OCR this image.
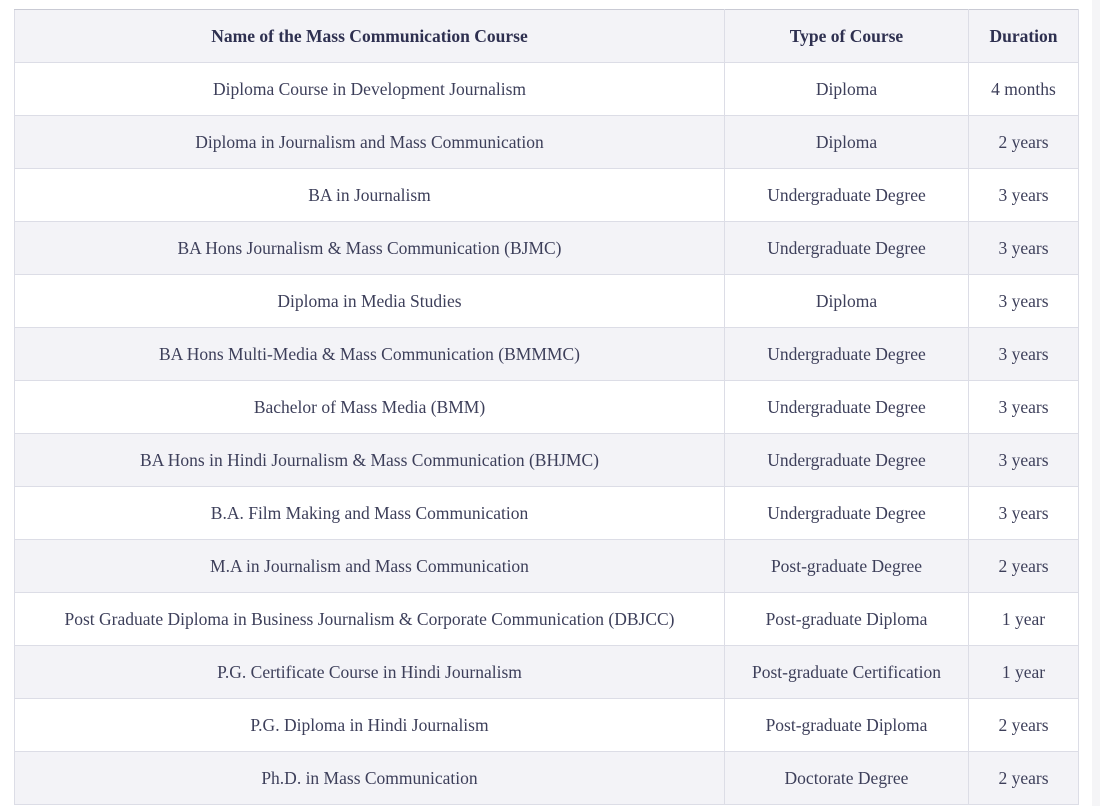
Name of the Mass Communication Course	Type of Course	Duration
Diploma Course in Development Journalism	Diploma	4 months
Diploma in Journalism and Mass Communication	Diploma	2 years
BA in Journalism	Undergraduate Degree	3 years
BA Hons Journalism & Mass Communication (BJMC)	Undergraduate Degree	3 years
Diploma in Media Studies	Diploma	3 years
BA Hons Multi-Media & Mass Communication (BMMMC)	Undergraduate Degree	3 years
Bachelor of Mass Media (BMM)	Undergraduate Degree	3 years
BA Hons in Hindi Journalism & Mass Communication (BHJMC)	Undergraduate Degree	3 years
B.A. Film Making and Mass Communication	Undergraduate Degree	3 years
M.A in Journalism and Mass Communication	Post-graduate Degree	2 years
Post Graduate Diploma in Business Journalism & Corporate Communication (DBJCC)	Post-graduate Diploma	1 year
P.G. Certificate Course in Hindi Journalism	Post-graduate Certification	1 year
P.G. Diploma in Hindi Journalism	Post-graduate Diploma	2 years
Ph.D. in Mass Communication	Doctorate Degree	2 years
